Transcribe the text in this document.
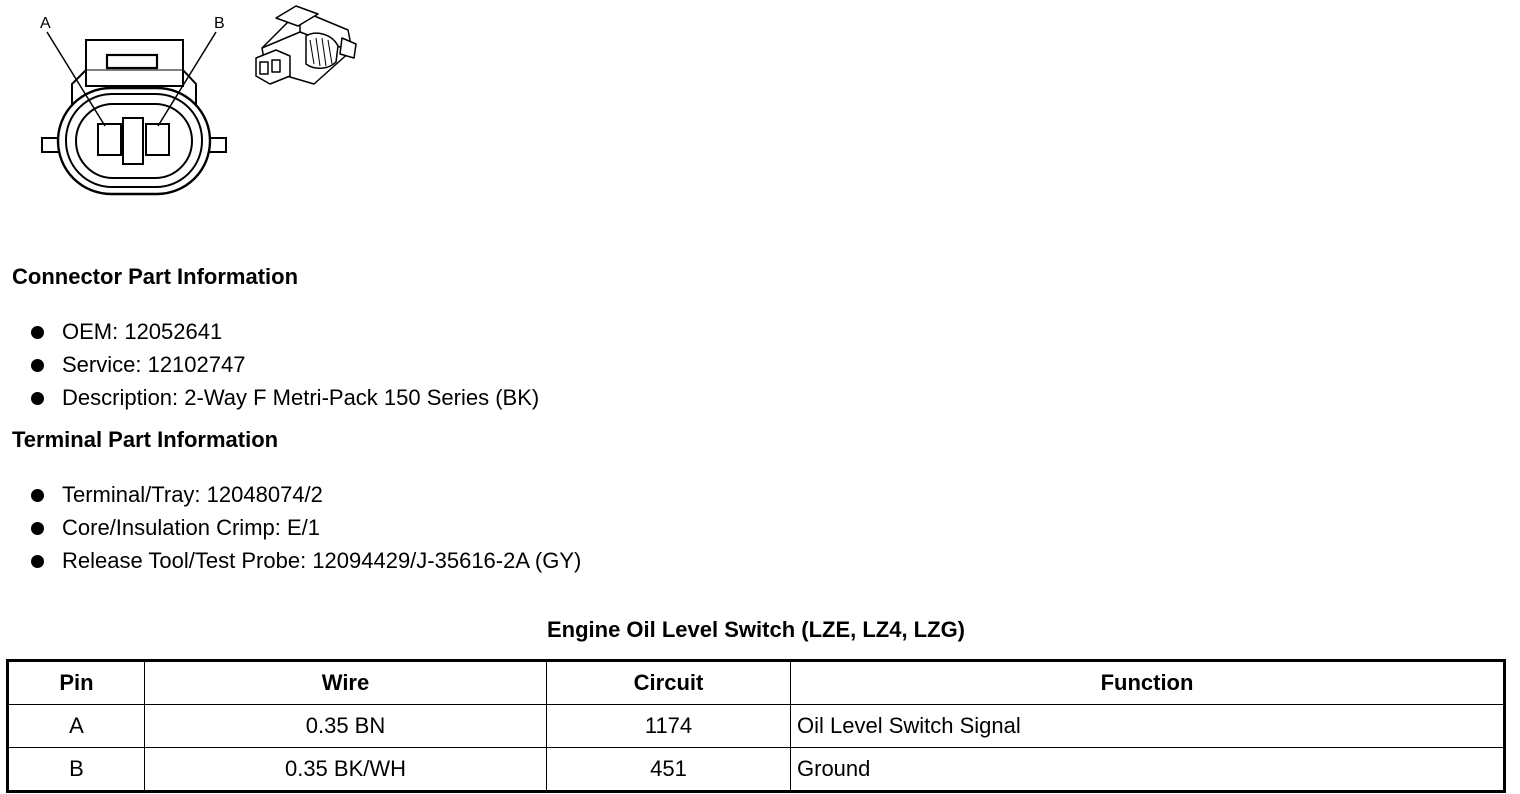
A	B
Connector Part Information
OEM: 12052641
Service: 12102747
Description: 2-Way F Metri-Pack 150 Series (BK)
Terminal Part Information
Terminal/Tray: 12048074/2
Core/Insulation Crimp: E/1
Release Tool/Test Probe: 12094429/J-35616-2A (GY)
Engine Oil Level Switch (LZE, LZ4, LZG)
Pin	Wire	Circuit	Function
A	0.35 BN	1174	Oil Level Switch Signal
B	0.35 BK/WH	451	Ground
